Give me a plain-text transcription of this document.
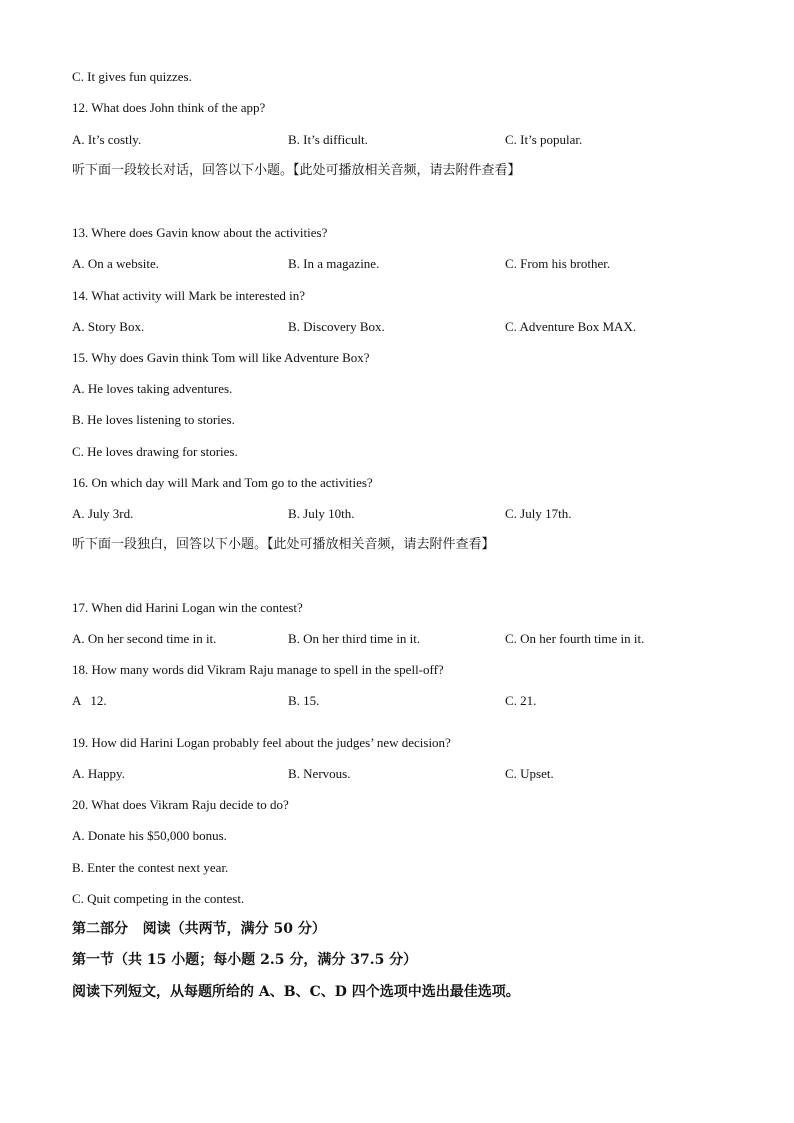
C. It gives fun quizzes.
12. What does John think of the app?
A. It’s costly.	B. It’s difficult.	C. It’s popular.
听下面一段较长对话，回答以下小题。【此处可播放相关音频，请去附件查看】
13. Where does Gavin know about the activities?
A. On a website.	B. In a magazine.	C. From his brother.
14. What activity will Mark be interested in?
A. Story Box.	B. Discovery Box.	C. Adventure Box MAX.
15. Why does Gavin think Tom will like Adventure Box?
A. He loves taking adventures.
B. He loves listening to stories.
C. He loves drawing for stories.
16. On which day will Mark and Tom go to the activities?
A. July 3rd.	B. July 10th.	C. July 17th.
听下面一段独白，回答以下小题。【此处可播放相关音频，请去附件查看】
17. When did Harini Logan win the contest?
A. On her second time in it.	B. On her third time in it.	C. On her fourth time in it.
18. How many words did Vikram Raju manage to spell in the spell-off?
A   12.	B. 15.	C. 21.
19. How did Harini Logan probably feel about the judges’ new decision?
A. Happy.	B. Nervous.	C. Upset.
20. What does Vikram Raju decide to do?
A. Donate his $50,000 bonus.
B. Enter the contest next year.
C. Quit competing in the contest.
第二部分   阅读（共两节，满分 50 分）
第一节（共 15 小题；每小题 2.5 分，满分 37.5 分）
阅读下列短文，从每题所给的 A、B、C、D 四个选项中选出最佳选项。
